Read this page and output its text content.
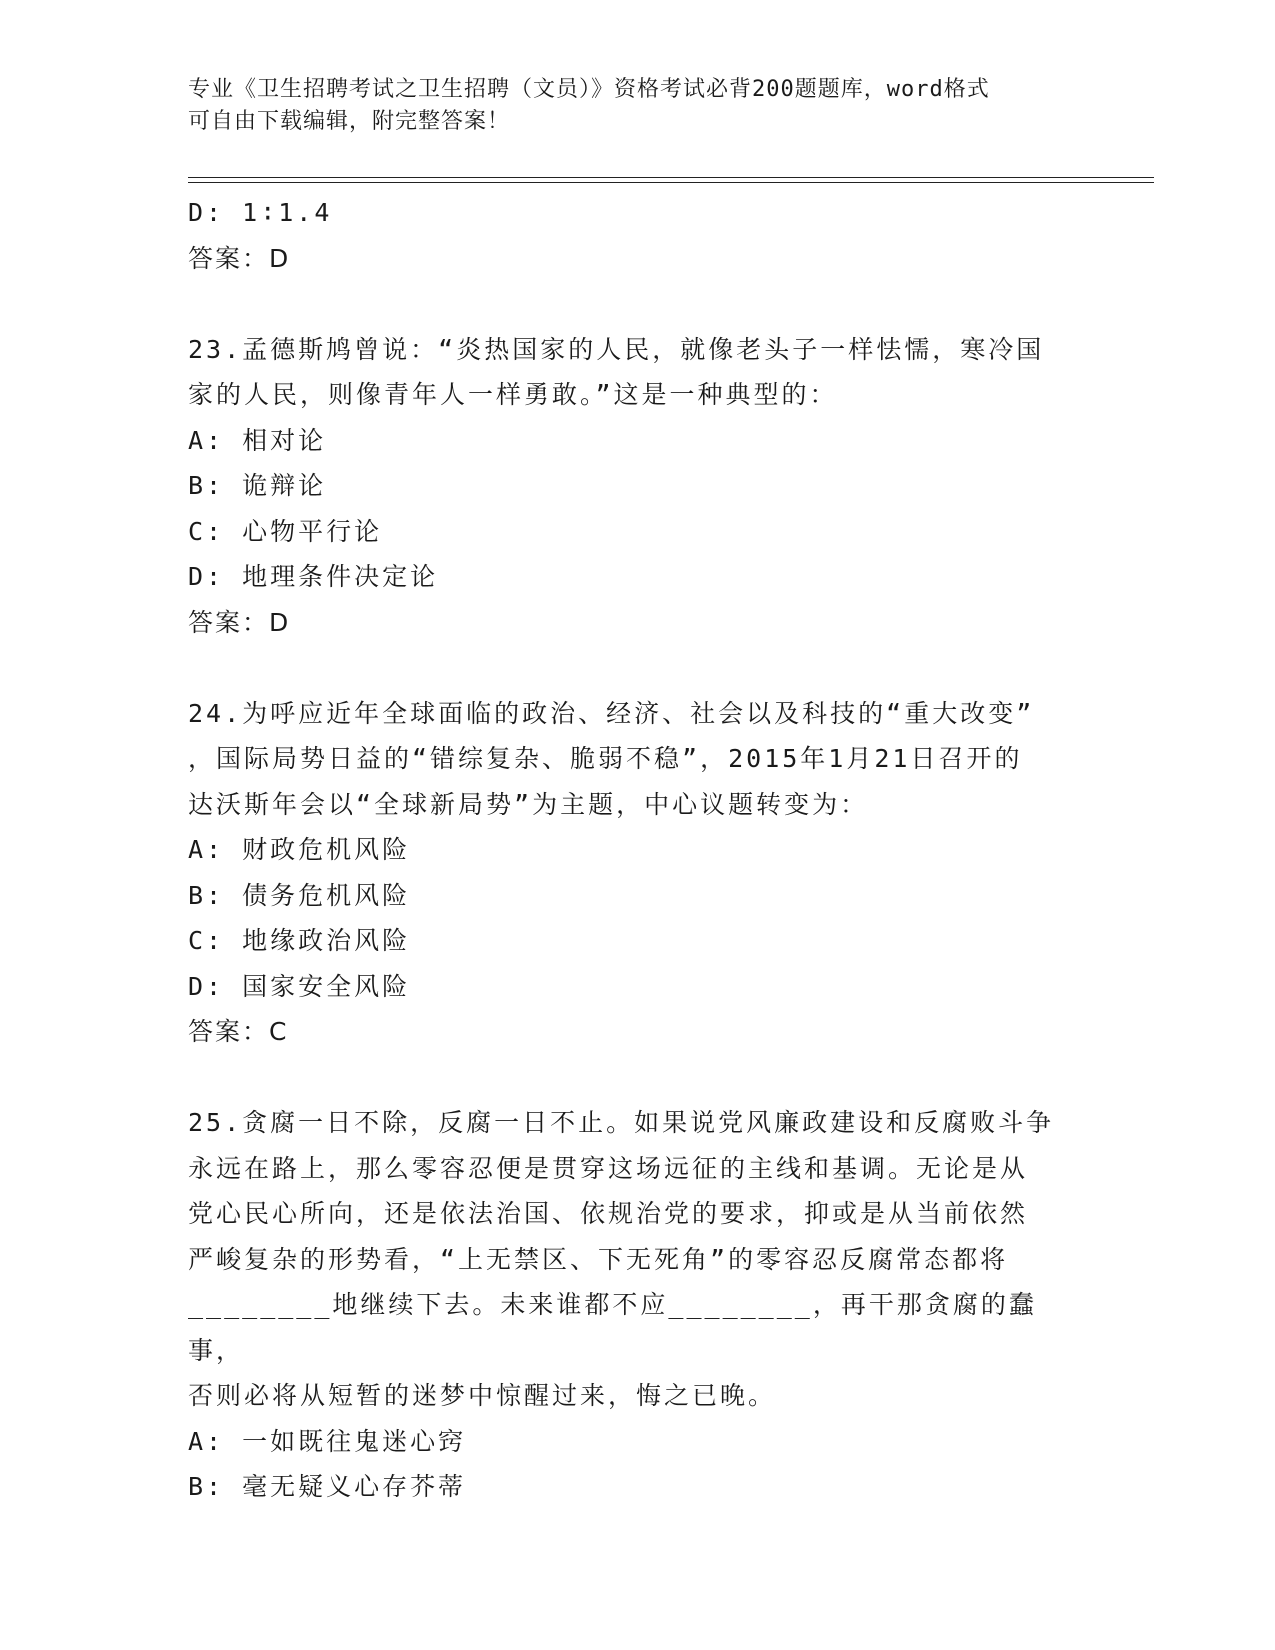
专业《卫生招聘考试之卫生招聘（文员）》资格考试必背200题题库，word格式
可自由下载编辑，附完整答案！
D: 1∶1.4
答案：D
23.孟德斯鸠曾说：“炎热国家的人民，就像老头子一样怯懦，寒冷国
家的人民，则像青年人一样勇敢。”这是一种典型的：
A: 相对论
B: 诡辩论
C: 心物平行论
D: 地理条件决定论
答案：D
24.为呼应近年全球面临的政治、经济、社会以及科技的“重大改变”
，国际局势日益的“错综复杂、脆弱不稳”，2015年1月21日召开的
达沃斯年会以“全球新局势”为主题，中心议题转变为：
A: 财政危机风险
B: 债务危机风险
C: 地缘政治风险
D: 国家安全风险
答案：C
25.贪腐一日不除，反腐一日不止。如果说党风廉政建设和反腐败斗争
永远在路上，那么零容忍便是贯穿这场远征的主线和基调。无论是从
党心民心所向，还是依法治国、依规治党的要求，抑或是从当前依然
严峻复杂的形势看，“上无禁区、下无死角”的零容忍反腐常态都将
________地继续下去。未来谁都不应________，再干那贪腐的蠢事，
否则必将从短暂的迷梦中惊醒过来，悔之已晚。
A: 一如既往鬼迷心窍
B: 毫无疑义心存芥蒂
